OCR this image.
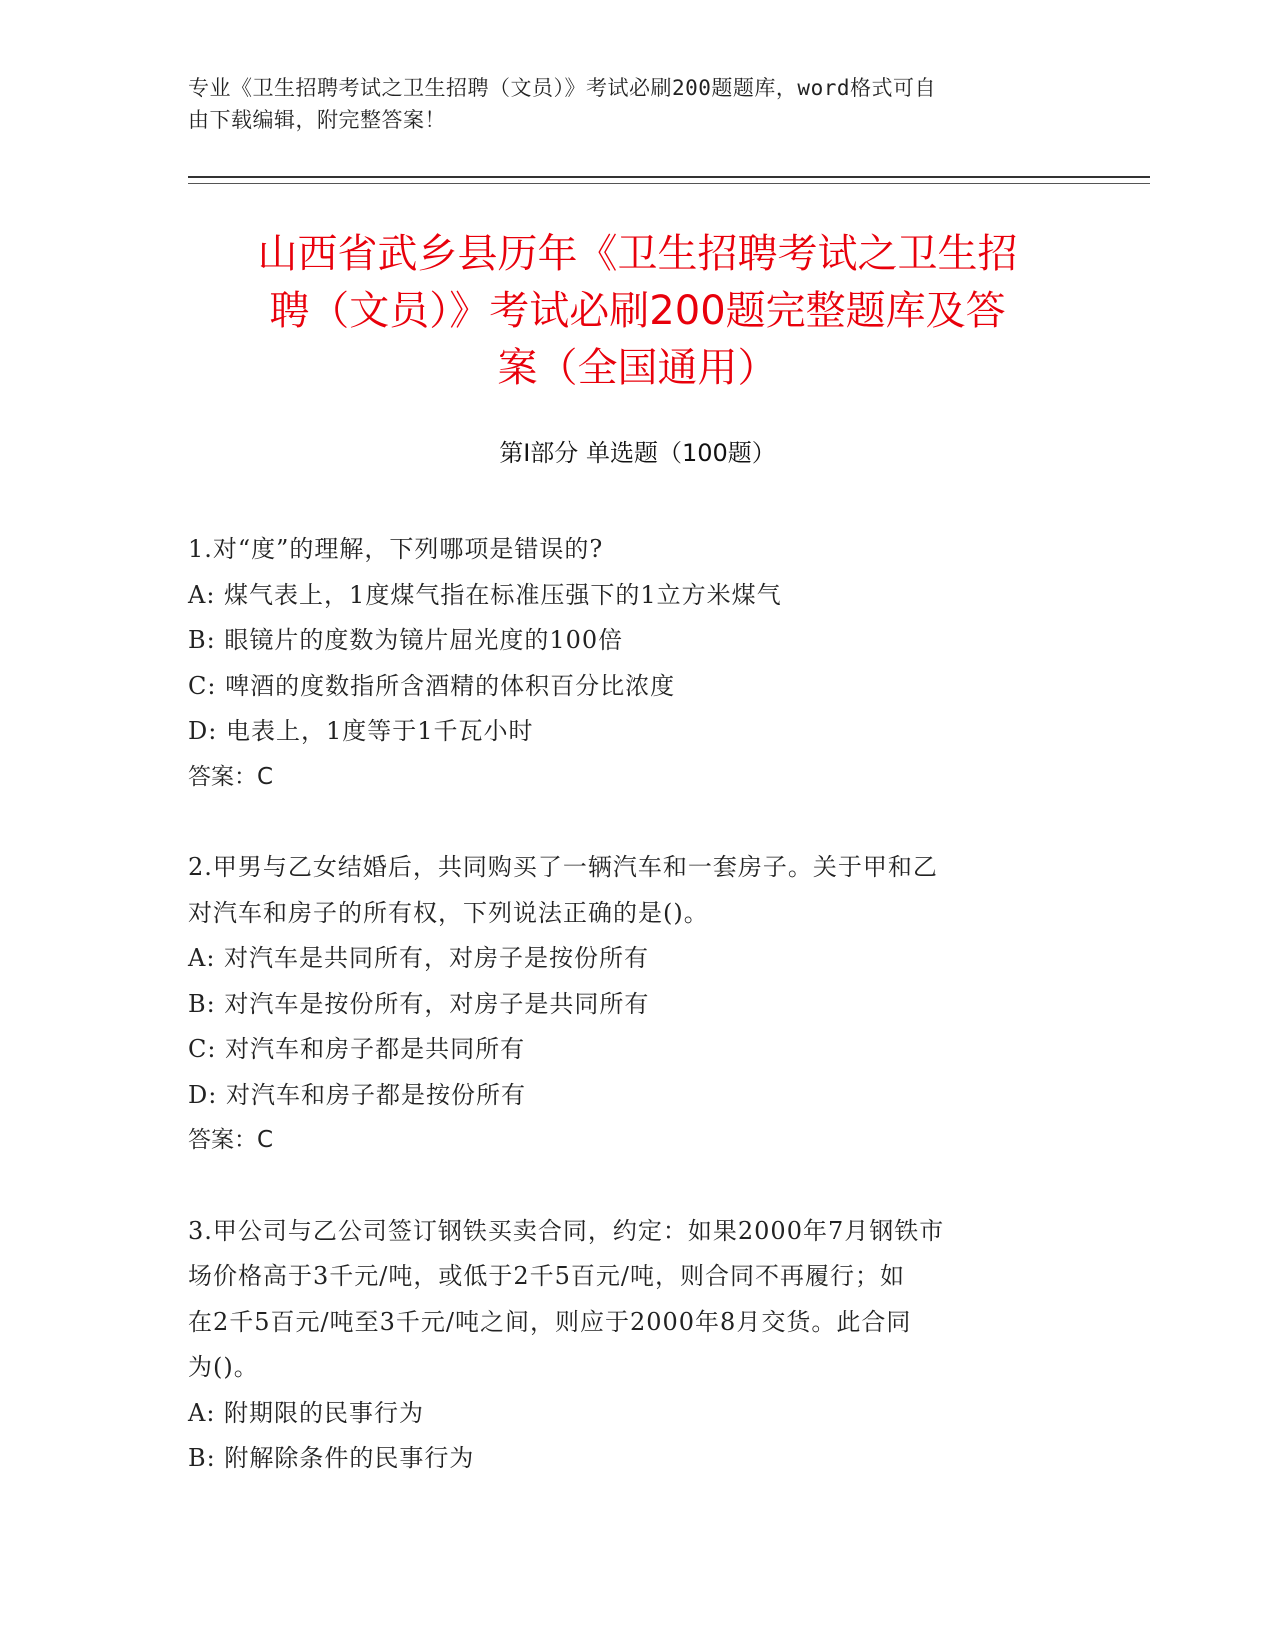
专业《卫生招聘考试之卫生招聘（文员）》考试必刷200题题库，word格式可自
由下载编辑，附完整答案！
山西省武乡县历年《卫生招聘考试之卫生招
聘（文员）》考试必刷200题完整题库及答
案（全国通用）
第Ⅰ部分 单选题（100题）

1.对“度”的理解，下列哪项是错误的?

A: 煤气表上，1度煤气指在标准压强下的1立方米煤气

B: 眼镜片的度数为镜片屈光度的100倍

C: 啤酒的度数指所含酒精的体积百分比浓度

D: 电表上，1度等于1千瓦小时

答案：C

2.甲男与乙女结婚后，共同购买了一辆汽车和一套房子。关于甲和乙

对汽车和房子的所有权，下列说法正确的是()。

A: 对汽车是共同所有，对房子是按份所有

B: 对汽车是按份所有，对房子是共同所有

C: 对汽车和房子都是共同所有

D: 对汽车和房子都是按份所有

答案：C

3.甲公司与乙公司签订钢铁买卖合同，约定：如果2000年7月钢铁市

场价格高于3千元/吨，或低于2千5百元/吨，则合同不再履行；如

在2千5百元/吨至3千元/吨之间，则应于2000年8月交货。此合同

为()。

A: 附期限的民事行为

B: 附解除条件的民事行为
